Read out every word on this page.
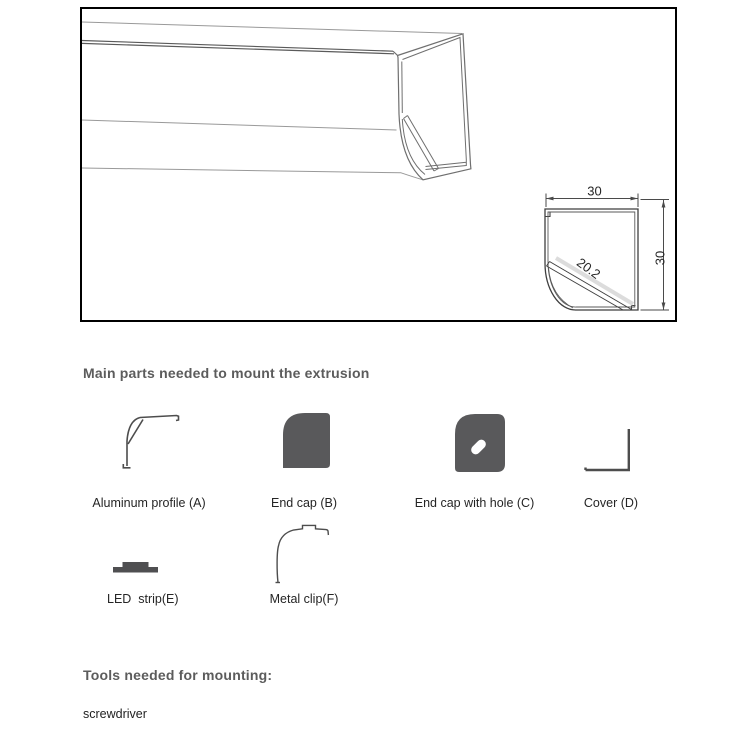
30
30
20.2
Main parts needed to mount the extrusion
Aluminum profile (A)	End cap (B)	End cap with hole (C)	Cover (D)
LED  strip(E)	Metal clip(F)
Tools needed for mounting:
screwdriver
